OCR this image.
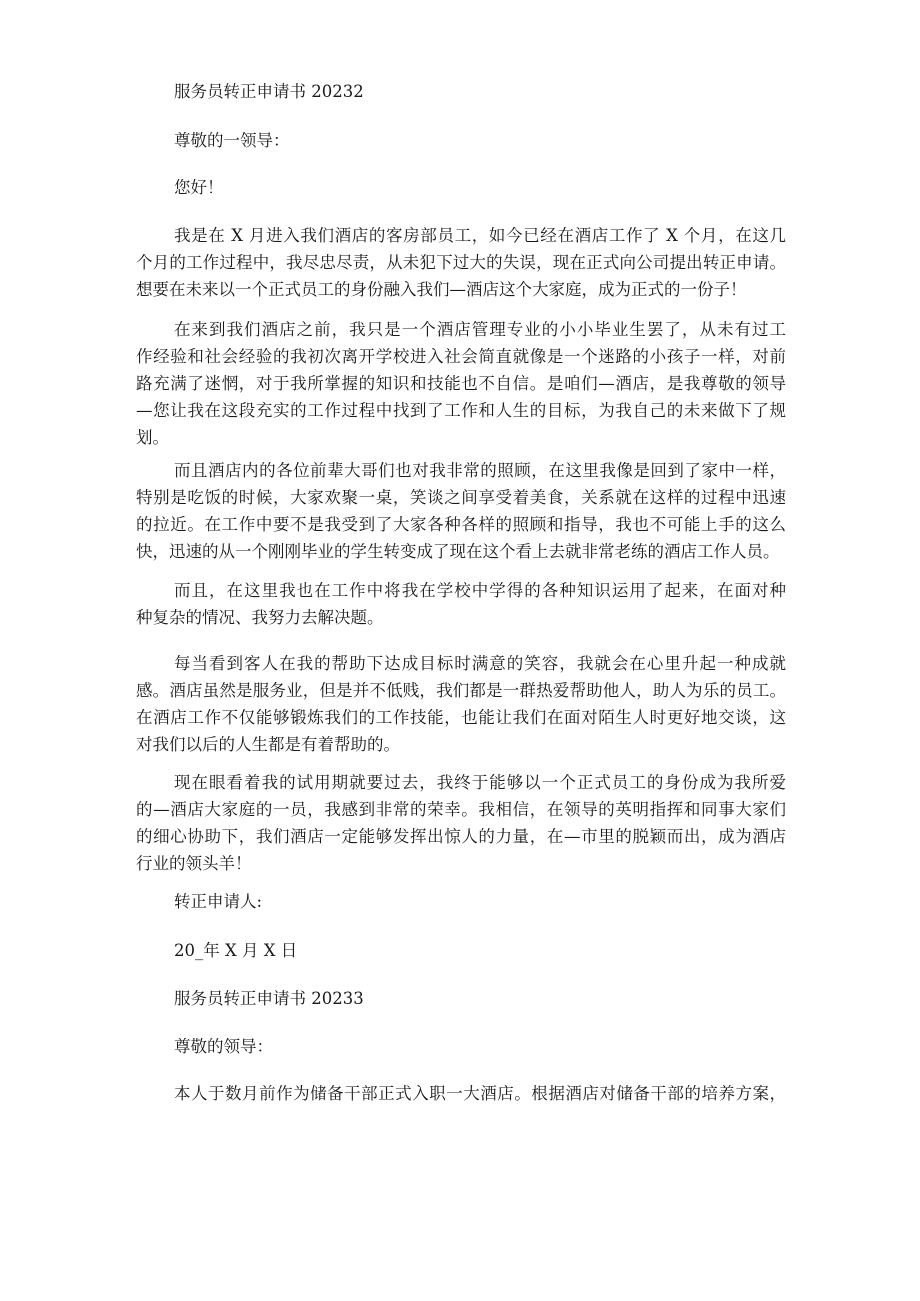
服务员转正申请书 20232

尊敬的一领导：

您好！

我是在 X 月进入我们酒店的客房部员工，如今已经在酒店工作了 X 个月，在这几
个月的工作过程中，我尽忠尽责，从未犯下过大的失误，现在正式向公司提出转正申请。
想要在未来以一个正式员工的身份融入我们—酒店这个大家庭，成为正式的一份子！
在来到我们酒店之前，我只是一个酒店管理专业的小小毕业生罢了，从未有过工
作经验和社会经验的我初次离开学校进入社会简直就像是一个迷路的小孩子一样，对前
路充满了迷惘，对于我所掌握的知识和技能也不自信。是咱们—酒店，是我尊敬的领导
—您让我在这段充实的工作过程中找到了工作和人生的目标，为我自己的未来做下了规
划。
而且酒店内的各位前辈大哥们也对我非常的照顾，在这里我像是回到了家中一样，
特别是吃饭的时候，大家欢聚一桌，笑谈之间享受着美食，关系就在这样的过程中迅速
的拉近。在工作中要不是我受到了大家各种各样的照顾和指导，我也不可能上手的这么
快，迅速的从一个刚刚毕业的学生转变成了现在这个看上去就非常老练的酒店工作人员。
而且，在这里我也在工作中将我在学校中学得的各种知识运用了起来，在面对种
种复杂的情况、我努力去解决题。
每当看到客人在我的帮助下达成目标时满意的笑容，我就会在心里升起一种成就
感。酒店虽然是服务业，但是并不低贱，我们都是一群热爱帮助他人，助人为乐的员工。
在酒店工作不仅能够锻炼我们的工作技能，也能让我们在面对陌生人时更好地交谈，这
对我们以后的人生都是有着帮助的。
现在眼看着我的试用期就要过去，我终于能够以一个正式员工的身份成为我所爱
的—酒店大家庭的一员，我感到非常的荣幸。我相信，在领导的英明指挥和同事大家们
的细心协助下，我们酒店一定能够发挥出惊人的力量，在—市里的脱颖而出，成为酒店
行业的领头羊！

转正申请人:

20_年 X 月 X 日

服务员转正申请书 20233

尊敬的领导：

本人于数月前作为储备干部正式入职一大酒店。根据酒店对储备干部的培养方案，
